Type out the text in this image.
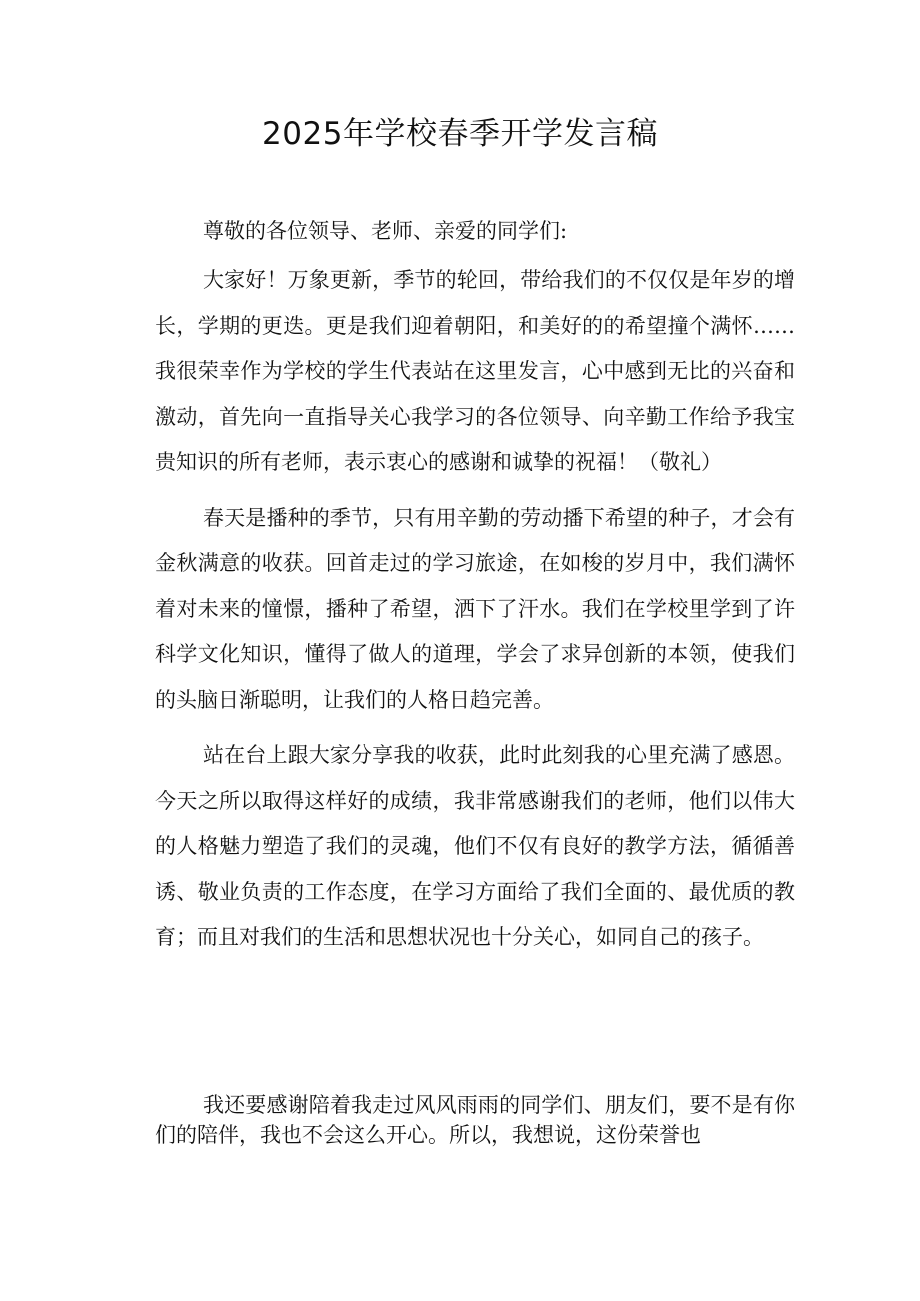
2025年学校春季开学发言稿

尊敬的各位领导、老师、亲爱的同学们:

大家好！万象更新，季节的轮回，带给我们的不仅仅是年岁的增长，学期的更迭。更是我们迎着朝阳，和美好的的希望撞个满怀……我很荣幸作为学校的学生代表站在这里发言，心中感到无比的兴奋和激动，首先向一直指导关心我学习的各位领导、向辛勤工作给予我宝贵知识的所有老师，表示衷心的感谢和诚挚的祝福！（敬礼）

春天是播种的季节，只有用辛勤的劳动播下希望的种子，才会有金秋满意的收获。回首走过的学习旅途，在如梭的岁月中，我们满怀着对未来的憧憬，播种了希望，洒下了汗水。我们在学校里学到了许科学文化知识，懂得了做人的道理，学会了求异创新的本领，使我们的头脑日渐聪明，让我们的人格日趋完善。

站在台上跟大家分享我的收获，此时此刻我的心里充满了感恩。今天之所以取得这样好的成绩，我非常感谢我们的老师，他们以伟大的人格魅力塑造了我们的灵魂，他们不仅有良好的教学方法，循循善诱、敬业负责的工作态度，在学习方面给了我们全面的、最优质的教育；而且对我们的生活和思想状况也十分关心，如同自己的孩子。

我还要感谢陪着我走过风风雨雨的同学们、朋友们，要不是有你们的陪伴，我也不会这么开心。所以，我想说，这份荣誉也
